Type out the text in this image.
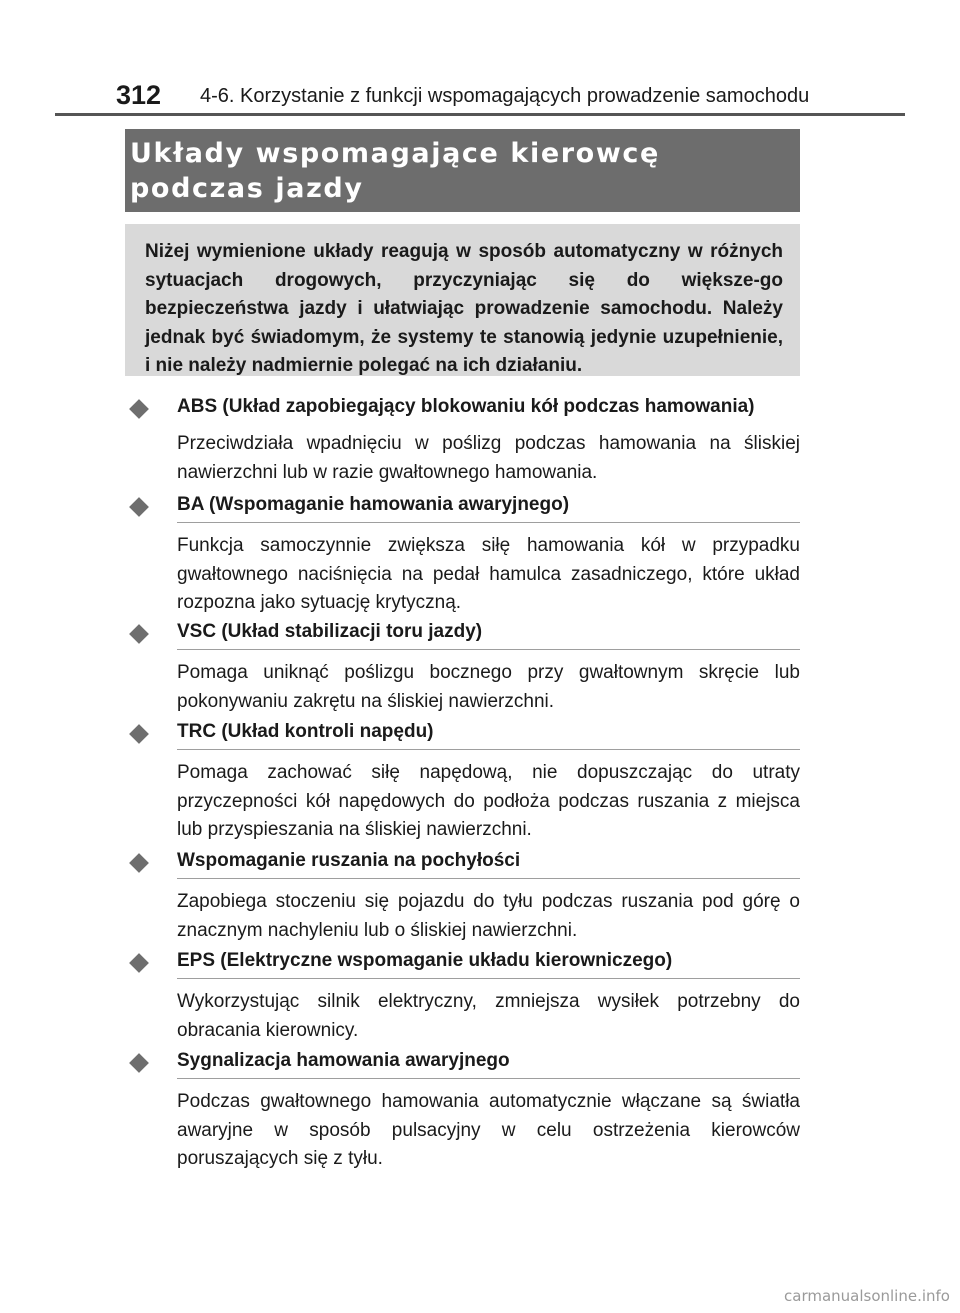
312 4-6. Korzystanie z funkcji wspomagających prowadzenie samochodu
Układy wspomagające kierowcę podczas jazdy

Niżej wymienione układy reagują w sposób automatyczny w różnych sytuacjach drogowych, przyczyniając się do większe-go bezpieczeństwa jazdy i ułatwiając prowadzenie samochodu. Należy jednak być świadomym, że systemy te stanowią jedynie uzupełnienie, i nie należy nadmiernie polegać na ich działaniu.

ABS (Układ zapobiegający blokowaniu kół podczas hamowania)

Przeciwdziała wpadnięciu w poślizg podczas hamowania na śliskiej nawierzchni lub w razie gwałtownego hamowania.

BA (Wspomaganie hamowania awaryjnego)

Funkcja samoczynnie zwiększa siłę hamowania kół w przypadku gwałtownego naciśnięcia na pedał hamulca zasadniczego, które układ rozpozna jako sytuację krytyczną.

VSC (Układ stabilizacji toru jazdy)

Pomaga uniknąć poślizgu bocznego przy gwałtownym skręcie lub pokonywaniu zakrętu na śliskiej nawierzchni.

TRC (Układ kontroli napędu)

Pomaga zachować siłę napędową, nie dopuszczając do utraty przyczepności kół napędowych do podłoża podczas ruszania z miejsca lub przyspieszania na śliskiej nawierzchni.

Wspomaganie ruszania na pochyłości

Zapobiega stoczeniu się pojazdu do tyłu podczas ruszania pod górę o znacznym nachyleniu lub o śliskiej nawierzchni.

EPS (Elektryczne wspomaganie układu kierowniczego)

Wykorzystując silnik elektryczny, zmniejsza wysiłek potrzebny do obracania kierownicy.

Sygnalizacja hamowania awaryjnego

Podczas gwałtownego hamowania automatycznie włączane są światła awaryjne w sposób pulsacyjny w celu ostrzeżenia kierowców poruszających się z tyłu.

carmanualsonline.info
